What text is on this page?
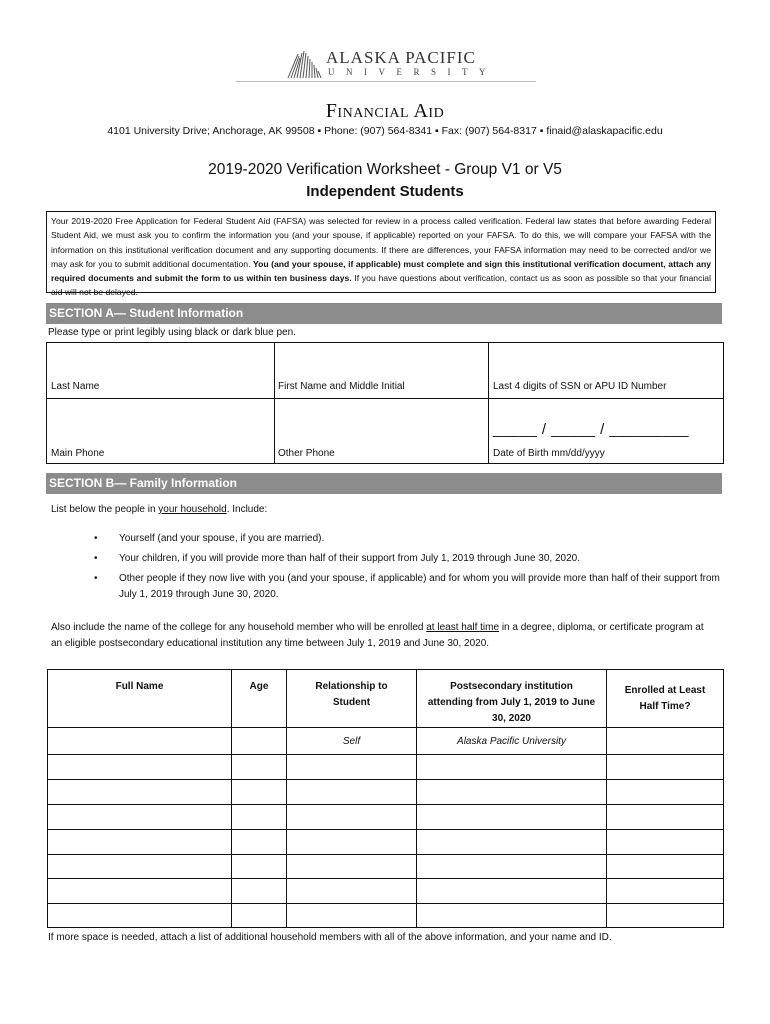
ALASKA PACIFIC
UNIVERSITY
Financial Aid
4101 University Drive; Anchorage, AK 99508 ▪ Phone: (907) 564-8341 ▪ Fax: (907) 564-8317 ▪ finaid@alaskapacific.edu
2019-2020 Verification Worksheet - Group V1 or V5
Independent Students
Your 2019-2020 Free Application for Federal Student Aid (FAFSA) was selected for review in a process called verification. Federal law states that before awarding Federal Student Aid, we must ask you to confirm the information you (and your spouse, if applicable) reported on your FAFSA. To do this, we will compare your FAFSA with the information on this institutional verification document and any supporting documents. If there are differences, your FAFSA information may need to be corrected and/or we may ask for you to submit additional documentation. You (and your spouse, if applicable) must complete and sign this institutional verification document, attach any required documents and submit the form to us within ten business days. If you have questions about verification, contact us as soon as possible so that your financial aid will not be delayed.
SECTION A— Student Information
Please type or print legibly using black or dark blue pen.
Last Name	First Name and Middle Initial	Last 4 digits of SSN or APU ID Number
Main Phone	Other Phone
_____ / _____ / _________
Date of Birth mm/dd/yyyy
SECTION B— Family Information
List below the people in your household. Include:
• Yourself (and your spouse, if you are married).
• Your children, if you will provide more than half of their support from July 1, 2019 through June 30, 2020.
• Other people if they now live with you (and your spouse, if applicable) and for whom you will provide more than half of their support from July 1, 2019 through June 30, 2020.
Also include the name of the college for any household member who will be enrolled at least half time in a degree, diploma, or certificate program at an eligible postsecondary educational institution any time between July 1, 2019 and June 30, 2020.
Full Name	Age	Relationship to Student	Postsecondary institution attending from July 1, 2019 to June 30, 2020	Enrolled at Least Half Time?
		Self	Alaska Pacific University	

If more space is needed, attach a list of additional household members with all of the above information, and your name and ID.
